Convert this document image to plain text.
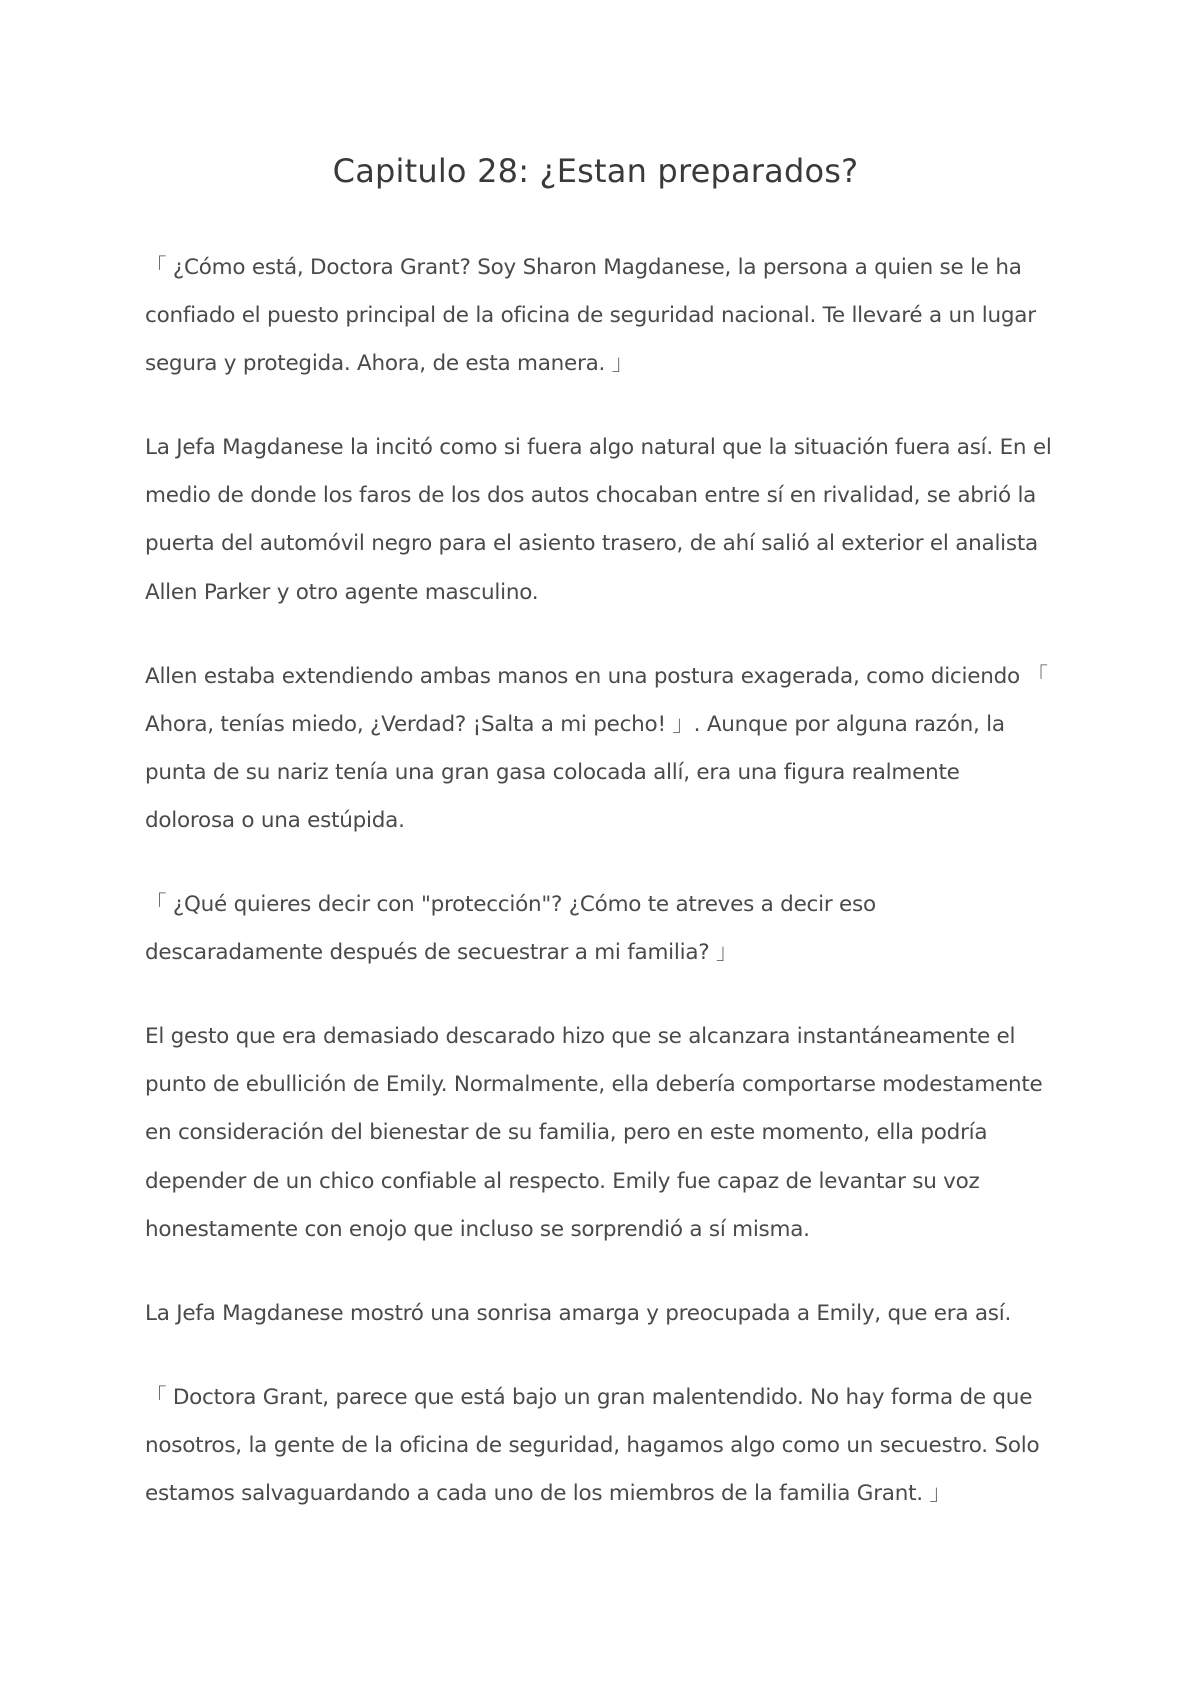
Capitulo 28: ¿Estan preparados?

「 ¿Cómo está, Doctora Grant? Soy Sharon Magdanese, la persona a quien se le ha confiado el puesto principal de la oficina de seguridad nacional. Te llevaré a un lugar segura y protegida. Ahora, de esta manera. 」

La Jefa Magdanese la incitó como si fuera algo natural que la situación fuera así. En el medio de donde los faros de los dos autos chocaban entre sí en rivalidad, se abrió la puerta del automóvil negro para el asiento trasero, de ahí salió al exterior el analista Allen Parker y otro agente masculino.

Allen estaba extendiendo ambas manos en una postura exagerada, como diciendo 「 Ahora, tenías miedo, ¿Verdad? ¡Salta a mi pecho! 」. Aunque por alguna razón, la punta de su nariz tenía una gran gasa colocada allí, era una figura realmente dolorosa o una estúpida.

「 ¿Qué quieres decir con "protección"? ¿Cómo te atreves a decir eso descaradamente después de secuestrar a mi familia? 」

El gesto que era demasiado descarado hizo que se alcanzara instantáneamente el punto de ebullición de Emily. Normalmente, ella debería comportarse modestamente en consideración del bienestar de su familia, pero en este momento, ella podría depender de un chico confiable al respecto. Emily fue capaz de levantar su voz honestamente con enojo que incluso se sorprendió a sí misma.

La Jefa Magdanese mostró una sonrisa amarga y preocupada a Emily, que era así.

「 Doctora Grant, parece que está bajo un gran malentendido. No hay forma de que nosotros, la gente de la oficina de seguridad, hagamos algo como un secuestro. Solo estamos salvaguardando a cada uno de los miembros de la familia Grant. 」
